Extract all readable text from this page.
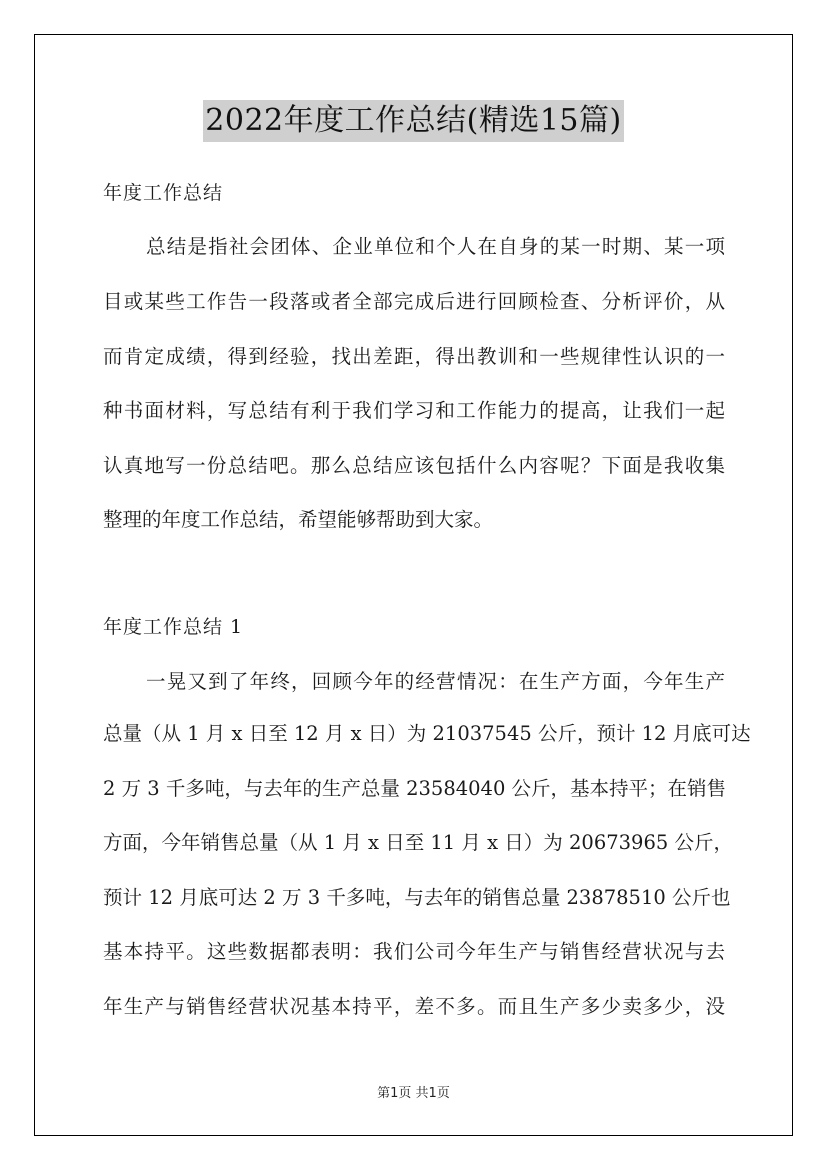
2022年度工作总结(精选15篇)
年度工作总结

总结是指社会团体、企业单位和个人在自身的某一时期、某一项

目或某些工作告一段落或者全部完成后进行回顾检查、分析评价，从

而肯定成绩，得到经验，找出差距，得出教训和一些规律性认识的一

种书面材料，写总结有利于我们学习和工作能力的提高，让我们一起

认真地写一份总结吧。那么总结应该包括什么内容呢？下面是我收集

整理的年度工作总结，希望能够帮助到大家。

年度工作总结 1

一晃又到了年终，回顾今年的经营情况：在生产方面，今年生产

总量（从 1 月 x 日至 12 月 x 日）为 21037545 公斤，预计 12 月底可达

2 万 3 千多吨，与去年的生产总量 23584040 公斤，基本持平；在销售

方面，今年销售总量（从 1 月 x 日至 11 月 x 日）为 20673965 公斤，

预计 12 月底可达 2 万 3 千多吨，与去年的销售总量 23878510 公斤也

基本持平。这些数据都表明：我们公司今年生产与销售经营状况与去

年生产与销售经营状况基本持平，差不多。而且生产多少卖多少，没

第1页 共1页
